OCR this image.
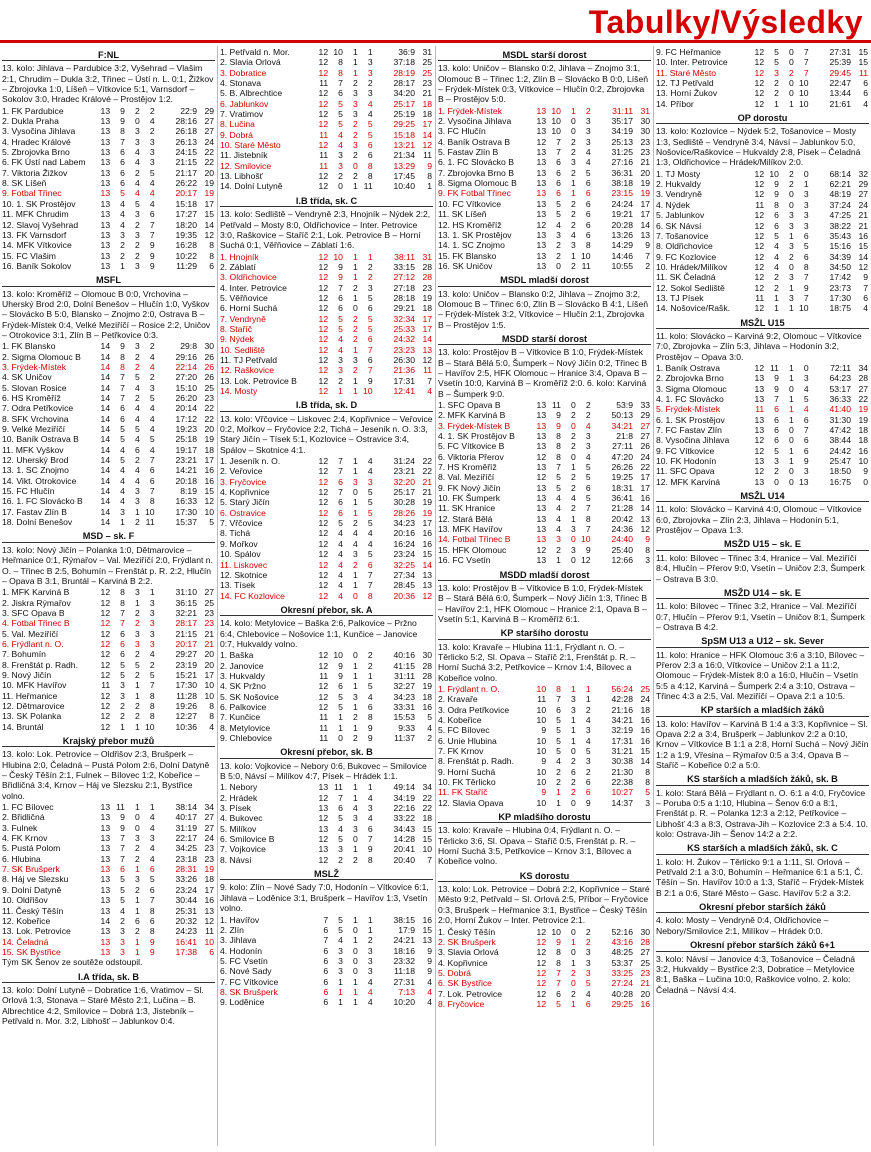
Tabulky/Výsledky
F:NL
13. kolo: Jihlava – Pardubice 3:2, Vyšehrad – Vlašim 2:1, Chrudim – Dukla 3:2, Třinec – Ústí n. L. 0:1, Žižkov – Zbrojovka 1:0, Líšeň – Vítkovice 5:1, Varnsdorf – Sokolov 3:0, Hradec Králové – Prostějov 1:2.
1. FK Pardubice	13	9	2	2	22:9	29
2. Dukla Praha	13	9	0	4	28:16	27
3. Vysočina Jihlava	13	8	3	2	26:18	27
4. Hradec Králové	13	7	3	3	26:13	24
5. Zbrojovka Brno	13	6	4	3	24:15	22
6. FK Ústí nad Labem	13	6	4	3	21:15	22
7. Viktoria Žižkov	13	6	2	5	21:17	20
8. SK Líšeň	13	6	4	4	26:22	19
9. Fotbal Třinec	13	5	4	4	20:17	19
10. 1. SK Prostějov	13	4	5	4	15:18	17
11. MFK Chrudim	13	4	3	6	17:27	15
12. Slavoj Vyšehrad	13	4	2	7	18:20	14
13. FK Varnsdorf	13	3	3	7	19:35	12
14. MFK Vítkovice	13	2	2	9	16:28	8
15. FC Vlašim	13	2	2	9	10:22	8
16. Baník Sokolov	13	1	3	9	11:29	6
MSFL
13. kolo: Kroměříž – Olomouc B 0:0, Vrchovina – Uherský Brod 2:0, Dolní Benešov – Hlučín 1:0, Vyškov – Slovácko B 5:0, Blansko – Znojmo 2:0, Ostrava B – Frýdek-Místek 0:4, Velké Meziříčí – Rosice 2:2, Uničov – Otrokovice 3:1, Zlín B – Petřkovice 0:3.
1. FK Blansko	14	9	3	2	29:8	30
2. Sigma Olomouc B	14	8	2	4	29:16	26
3. Frýdek-Místek	14	8	2	4	22:14	26
4. SK Uničov	14	7	5	2	27:20	26
5. Slovan Rosice	14	7	4	3	15:10	25
6. HS Kroměříž	14	7	2	5	26:20	23
7. Odra Petřkovice	14	6	4	4	20:14	22
8. SFK Vrchovina	14	6	4	4	17:12	22
9. Velké Meziříčí	14	5	5	4	19:23	20
10. Baník Ostrava B	14	5	4	5	25:18	19
11. MFK Vyškov	14	4	6	4	19:17	18
12. Uherský Brod	14	5	2	7	23:21	17
13. 1. SC Znojmo	14	4	4	6	14:21	16
14. Vikt. Otrokovice	14	4	4	6	20:18	16
15. FC Hlučín	14	4	3	7	8:19	15
16. 1. FC Slovácko B	14	4	3	8	16:33	12
17. Fastav Zlín B	14	3	1	10	17:30	10
18. Dolní Benešov	14	1	2	11	15:37	5
MSD – sk. F
13. kolo: Nový Jičín – Polanka 1:0, Dětmarovice – Heřmanice 0:1, Rýmařov – Val. Meziříčí 2:0, Frýdlant n. O. – Třinec B 2:5, Bohumín – Frenštát p. R. 2:2, Hlučín – Opava B 3:1, Bruntál – Karviná B 2:2.
1. MFK Karviná B	12	8	3	1	31:10	27
2. Jiskra Rýmařov	12	8	1	3	36:15	25
3. SFC Opava B	12	7	2	3	32:21	23
4. Fotbal Třinec B	12	7	2	3	28:17	23
5. Val. Meziříčí	12	6	3	3	21:15	21
6. Frýdlant n. O.	12	6	3	3	20:17	21
7. Bohumín	12	6	2	4	29:27	20
8. Frenštát p. Radh.	12	5	5	2	23:19	20
9. Nový Jičín	12	5	2	5	15:21	17
10. MFK Havířov	11	3	1	7	17:30	10
11. Heřmanice	12	3	1	8	11:28	10
12. Dětmarovice	12	2	2	8	19:26	8
13. SK Polanka	12	2	2	8	12:27	8
14. Bruntál	12	1	1	10	10:36	4
Krajský přebor mužů
13. kolo: Lok. Petrovice – Oldřišov 2:3, Brušperk – Hlubina 2:0, Čeladná – Pustá Polom 2:6, Dolní Datyně – Český Těšín 2:1, Fulnek – Bílovec 1:2, Kobeřice – Břidličná 3:4, Krnov – Háj ve Slezsku 2:1, Bystřice volno.
1. FC Bílovec	13	11	1	1	38:14	34
2. Břidličná	13	9	0	4	40:17	27
3. Fulnek	13	9	0	4	31:19	27
4. FK Krnov	13	7	3	3	22:17	24
5. Pustá Polom	13	7	2	4	34:25	23
6. Hlubina	13	7	2	4	23:18	23
7. SK Brušperk	13	6	1	6	28:31	19
8. Háj ve Slezsku	13	5	3	5	33:26	18
9. Dolní Datyně	13	5	2	6	23:24	17
10. Oldřišov	13	5	1	7	30:44	16
11. Český Těšín	13	4	1	8	25:31	13
12. Kobeřice	14	2	6	6	20:32	12
13. Lok. Petrovice	13	3	2	8	24:23	11
14. Čeladná	13	3	1	9	16:41	10
15. SK Bystřice	13	3	1	9	17:38	6
Tým SK Šenov ze soutěže odstoupil.
I.A třída, sk. B
13. kolo: Dolní Lutyně – Dobratice 1:6, Vratimov – Sl. Orlová 1:3, Stonava – Staré Město 2:1, Lučina – B. Albrechtice 4:2, Smilovice – Dobrá 1:3, Jistebník – Petřvald n. Mor. 3:2, Libhošť – Jablunkov 0:4.
1. Petřvald n. Mor.	12	10	1	1	36:9	31
2. Slavia Orlová	12	8	1	3	37:18	25
3. Dobratice	12	8	1	3	28:19	25
4. Stonava	11	7	2	2	28:17	23
5. B. Albrechtice	12	6	3	3	34:20	21
6. Jablunkov	12	5	3	4	25:17	18
7. Vratimov	12	5	3	4	25:19	18
8. Lučina	12	5	2	5	29:25	17
9. Dobrá	11	4	2	5	15:18	14
10. Staré Město	12	4	3	6	13:21	12
11. Jistebník	11	3	2	6	21:34	11
12. Smilovice	11	3	0	8	13:29	9
13. Libhošť	12	2	2	8	17:45	8
14. Dolní Lutyně	12	0	1	11	10:40	1
I.B třída, sk. C
13. kolo: Sedliště – Vendryně 2:3, Hnojník – Nýdek 2:2, Petřvald – Mosty 8:0, Oldřichovice – Inter. Petrovice 3:0, Raškovice – Staříč 2:1, Lok. Petrovice B – Horní Suchá 0:1, Věřňovice – Záblatí 1:6.
1. Hnojník	12	10	1	1	38:11	31
2. Záblatí	12	9	1	2	33:15	28
3. Oldřichovice	12	9	1	2	27:12	28
4. Inter. Petrovice	12	7	2	3	27:18	23
5. Věřňovice	12	6	1	5	28:18	19
6. Horní Suchá	12	6	0	6	29:21	18
7. Vendryně	12	5	2	5	32:34	17
8. Staříč	12	5	2	5	25:33	17
9. Nýdek	12	4	2	6	24:32	14
10. Sedliště	12	4	1	7	23:23	13
11. TJ Petřvald	12	3	3	6	26:30	12
12. Raškovice	12	3	2	7	21:36	11
13. Lok. Petrovice B	12	2	1	9	17:31	7
14. Mosty	12	1	1	10	12:41	4
I.B třída, sk. D
13. kolo: Vřčovice – Liskovec 2:4, Kopřivnice – Veřovice 0:2, Mořkov – Fryčovice 2:2, Tichá – Jeseník n. O. 3:3, Starý Jičín – Tísek 5:1, Kozlovice – Ostravice 3:4, Spálov – Skotnice 4:1.
1. Jeseník n. O.	12	7	1	4	31:24	22
2. Veřovice	12	7	1	4	23:21	22
3. Fryčovice	12	6	3	3	32:20	21
4. Kopřivnice	12	7	0	5	25:17	21
5. Starý Jičín	12	6	1	5	30:28	19
6. Ostravice	12	6	1	5	28:26	19
7. Vřčovice	12	5	2	5	34:23	17
8. Tichá	12	4	4	4	20:16	16
9. Mořkov	12	4	4	4	16:24	16
10. Spálov	12	4	3	5	23:24	15
11. Liskovec	12	4	2	6	32:25	14
12. Skotnice	12	4	1	7	27:34	13
13. Tísek	12	4	1	7	28:45	13
14. FC Kozlovice	12	4	0	8	20:36	12
Okresní přebor, sk. A
14. kolo: Metylovice – Baška 2:6, Palkovice – Pržno 6:4, Chlebovice – Nošovice 1:1, Kunčice – Janovice 0:7, Hukvaldy volno.
1. Baška	12	10	0	2	40:16	30
2. Janovice	12	9	1	2	41:15	28
3. Hukvaldy	11	9	1	1	31:11	28
4. SK Pržno	12	6	1	5	32:27	19
5. SK Nošovice	12	5	3	4	34:23	18
6. Palkovice	12	5	1	6	33:31	16
7. Kunčice	11	1	2	8	15:53	5
8. Metylovice	11	1	1	9	9:33	4
9. Chlebovice	11	0	2	9	11:37	2
Okresní přebor, sk. B
13. kolo: Vojkovice – Nebory 0:6, Bukovec – Smilovice B 5:0, Návsí – Milíkov 4:7, Písek – Hrádek 1:1.
1. Nebory	13	11	1	1	49:14	34
2. Hrádek	12	7	1	4	34:19	22
3. Písek	13	6	4	3	22:16	22
4. Bukovec	12	5	3	4	33:22	18
5. Milíkov	13	4	3	6	34:43	15
6. Smilovice B	12	5	0	7	14:28	15
7. Vojkovice	13	3	1	9	20:41	10
8. Návsí	12	2	2	8	20:40	7
MSLŽ
9. kolo: Zlín – Nové Sady 7:0, Hodonín – Vítkovice 6:1, Jihlava – Loděnice 3:1, Brušperk – Havířov 1:3, Vsetín volno.
1. Havířov	7	5	1	1	38:15	16
2. Zlín	6	5	0	1	17:9	15
3. Jihlava	7	4	1	2	24:21	13
4. Hodonín	6	3	0	3	18:16	9
5. FC Vsetín	6	3	0	3	23:32	9
6. Nové Sady	6	3	0	3	11:18	9
7. FC Vítkovice	6	1	1	4	27:31	4
8. SK Brušperk	6	1	1	4	7:13	4
9. Loděnice	6	1	1	4	10:20	4
MSDL starší dorost
13. kolo: Uničov – Blansko 0:2, Jihlava – Znojmo 3:1, Olomouc B – Třinec 1:2, Zlín B – Slovácko B 0:0, Líšeň – Frýdek-Místek 0:3, Vítkovice – Hlučín 0:2, Zbrojovka B – Prostějov 5:0.
1. Frýdek-Místek	13	10	1	2	31:11	31
2. Vysočina Jihlava	13	10	0	3	35:17	30
3. FC Hlučín	13	10	0	3	34:19	30
4. Baník Ostrava B	12	7	2	3	25:13	23
5. Fastav Zlín B	13	7	2	4	31:25	23
6. 1. FC Slovácko B	13	6	3	4	27:16	21
7. Zbrojovka Brno B	13	6	2	5	36:31	20
8. Sigma Olomouc B	13	6	1	6	38:18	19
9. FK Fotbal Třinec	13	6	1	6	23:15	19
10. FC Vítkovice	13	5	2	6	24:24	17
11. SK Líšeň	13	5	2	6	19:21	17
12. HS Kroměříž	12	4	2	6	20:28	14
13. 1. SK Prostějov	13	3	4	6	13:26	13
14. 1. SC Znojmo	13	2	3	8	14:29	9
15. FK Blansko	13	2	1	10	14:46	7
16. SK Uničov	13	0	2	11	10:55	2
MSDL mladší dorost
13. kolo: Uničov – Blansko 0:2, Jihlava – Znojmo 3:2, Olomouc B – Třinec 6:0, Zlín B – Slovácko B 4:1, Líšeň – Frýdek-Místek 3:2, Vítkovice – Hlučín 2:1, Zbrojovka B – Prostějov 1:5.
MSDD starší dorost
13. kolo: Prostějov B – Vítkovice B 1:0, Frýdek-Místek B – Stará Bělá 5:0, Šumperk – Nový Jičín 0:2, Třinec B – Havířov 2:5, HFK Olomouc – Hranice 3:4, Opava B – Vsetín 10:0, Karviná B – Kroměříž 2:0. 6. kolo: Karviná B – Šumperk 9:0.
1. SFC Opava B	13	11	0	2	53:9	33
2. MFK Karviná B	13	9	2	2	50:13	29
3. Frýdek-Místek B	13	9	0	4	34:21	27
4. 1. SK Prostějov B	13	8	2	3	21:8	27
5. FC Vítkovice B	13	8	2	3	27:11	26
6. Viktoria Přerov	12	8	0	4	47:20	24
7. HS Kroměříž	13	7	1	5	26:26	22
8. Val. Meziříčí	12	5	2	5	19:25	17
9. FK Nový Jičín	13	5	2	6	18:31	17
10. FK Šumperk	13	4	4	5	36:41	16
11. SK Hranice	13	4	2	7	21:28	14
12. Stará Bělá	13	4	1	8	20:42	13
13. MFK Havířov	13	4	3	7	24:36	12
14. Fotbal Třinec B	13	3	0	10	24:40	9
15. HFK Olomouc	12	2	3	9	25:40	8
16. FC Vsetín	13	1	0	12	12:66	3
MSDD mladší dorost
13. kolo: Prostějov B – Vítkovice B 1:0, Frýdek-Místek B – Stará Bělá 6:0, Šumperk – Nový Jičín 1:3, Třinec B – Havířov 2:1, HFK Olomouc – Hranice 2:1, Opava B – Vsetín 5:1, Karviná B – Kroměříž 6:1.
KP staršího dorostu
13. kolo: Kravaře – Hlubina 11:1, Frýdlant n. O. – Těrlicko 5:2, Sl. Opava – Staříč 2:1, Frenštát p. R. – Horní Suchá 3:2, Petřkovice – Krnov 1:4, Bílovec a Kobeřice volno.
1. Frýdlant n. O.	10	8	1	1	56:24	25
2. Kravaře	11	7	3	1	42:28	24
3. Odra Petřkovice	10	6	3	2	21:16	18
4. Kobeřice	10	5	1	4	34:21	16
5. FC Bílovec	9	5	1	3	32:19	16
6. Unie Hlubina	10	5	1	4	17:31	16
7. FK Krnov	10	5	0	5	31:21	15
8. Frenštát p. Radh.	9	4	2	3	30:38	14
9. Horní Suchá	10	2	6	2	21:30	8
10. FK Těrlicko	10	2	2	6	22:38	8
11. FK Staříč	9	1	2	6	10:27	5
12. Slavia Opava	10	1	0	9	14:37	3
KP mladšího dorostu
13. kolo: Kravaře – Hlubina 0:4, Frýdlant n. O. – Těrlicko 3:6, Sl. Opava – Staříč 0:5, Frenštát p. R. – Horní Suchá 3:5, Petřkovice – Krnov 3:1, Bílovec a Kobeřice volno.
KS dorostu
13. kolo: Lok. Petrovice – Dobrá 2:2, Kopřivnice – Staré Město 9:2, Petřvald – Sl. Orlová 2:5, Příbor – Fryčovice 0:3, Brušperk – Heřmanice 3:1, Bystřice – Český Těšín 2:0, Horní Žukov – Inter. Petrovice 2:1.
1. Český Těšín	12	10	0	2	52:16	30
2. SK Brušperk	12	9	1	2	43:16	28
3. Slavia Orlová	12	8	0	3	48:25	27
4. Kopřivnice	12	8	1	3	53:37	25
5. Dobrá	12	7	2	3	33:25	23
6. SK Bystřice	12	7	0	5	27:24	21
7. Lok. Petrovice	12	6	2	4	40:28	20
8. Fryčovice	12	5	1	6	29:25	16
9. FC Heřmanice	12	5	0	7	27:31	15
10. Inter. Petrovice	12	5	0	7	25:39	15
11. Staré Město	12	3	2	7	29:45	11
12. TJ Petřvald	12	2	0	10	22:47	6
13. Horní Žukov	12	2	0	10	13:44	6
14. Příbor	12	1	1	10	21:61	4
OP dorostu
13. kolo: Kozlovice – Nýdek 5:2, Tošanovice – Mosty 1:3, Sedliště – Vendryně 3:4, Návsí – Jablunkov 5:0, Nošovice/Raškovice – Hukvaldy 2:8, Písek – Čeladná 1:3, Oldřichovice – Hrádek/Milíkov 2:0.
1. TJ Mosty	12	10	2	0	68:14	32
2. Hukvaldy	12	9	2	1	62:21	29
3. Vendryně	12	9	0	3	48:19	27
4. Nýdek	11	8	0	3	37:24	24
5. Jablunkov	12	6	3	3	47:25	21
6. SK Návsí	12	6	3	3	38:22	21
7. Tošanovice	12	5	1	6	35:43	16
8. Oldřichovice	12	4	3	5	15:16	15
9. FC Kozlovice	12	4	2	6	34:39	14
10. Hrádek/Milíkov	12	4	0	8	34:50	12
11. SK Čeladná	12	2	3	7	17:42	9
12. Sokol Sedliště	12	2	1	9	23:73	7
13. TJ Písek	11	1	3	7	17:30	6
14. Nošovice/Rašk.	12	1	1	10	18:75	4
MSŽL U15
11. kolo: Slovácko – Karviná 9:2, Olomouc – Vítkovice 7:0, Zbrojovka – Zlín 5:3, Jihlava – Hodonín 3:2, Prostějov – Opava 3:0.
1. Baník Ostrava	12	11	1	0	72:11	34
2. Zbrojovka Brno	13	9	1	3	64:23	28
3. Sigma Olomouc	13	9	0	4	53:17	27
4. 1. FC Slovácko	13	7	1	5	36:33	22
5. Frýdek-Místek	11	6	1	4	41:40	19
6. 1. SK Prostějov	13	6	1	6	31:30	19
7. FC Fastav Zlín	13	6	0	7	47:42	18
8. Vysočina Jihlava	12	6	0	6	38:44	18
9. FC Vítkovice	12	5	1	6	24:42	16
10. FK Hodonín	13	3	1	9	25:47	10
11. SFC Opava	12	2	0	3	18:50	9
12. MFK Karviná	13	0	0	13	16:75	0
MSŽL U14
11. kolo: Slovácko – Karviná 4:0, Olomouc – Vítkovice 6:0, Zbrojovka – Zlín 2:3, Jihlava – Hodonín 5:1, Prostějov – Opava 1:3.
MSŽD U15 – sk. E
11. kolo: Bílovec – Třinec 3:4, Hranice – Val. Meziříčí 8:4, Hlučín – Přerov 9:0, Vsetín – Uničov 2:3, Šumperk – Ostrava B 3:0.
MSŽD U14 – sk. E
11. kolo: Bílovec – Třinec 3:2, Hranice – Val. Meziříčí 0:7, Hlučín – Přerov 9:1, Vsetín – Uničov 8:1, Šumperk – Ostrava B 4:2.
SpSM U13 a U12 – sk. Sever
11. kolo: Hranice – HFK Olomouc 3:6 a 3:10, Bílovec – Přerov 2:3 a 16:0, Vítkovice – Uničov 2:1 a 11:2, Olomouc – Frýdek-Místek 8:0 a 16:0, Hlučín – Vsetín 5:5 a 4:12, Karviná – Šumperk 2:4 a 3:10, Ostrava – Třinec 4:3 a 2:5, Val. Meziříčí – Opava 2:1 a 10:5.
KP starších a mladších žáků
13. kolo: Havířov – Karviná B 1:4 a 3:3, Kopřivnice – Sl. Opava 2:2 a 3:4, Brušperk – Jablunkov 2:2 a 0:10, Krnov – Vítkovice B 1:1 a 2:8, Horní Suchá – Nový Jičín 1:2 a 1:9, Vřesina – Rýmařov 0:5 a 3:4, Opava B – Staříč – Kobeřice 0:2 a 5:0.
KS starších a mladších žáků, sk. B
1. kolo: Stará Bělá – Frýdlant n. O. 6:1 a 4:0, Fryčovice – Poruba 0:5 a 1:10, Hlubina – Šenov 6:0 a 8:1, Frenštát p. R. – Polanka 12:3 a 2:12, Petřkovice – Libhošť 4:3 a 8:3, Ostrava-Jih – Kozlovice 2:3 a 5:4. 10. kolo: Ostrava-Jih – Šenov 14:2 a 2:2.
KS starších a mladších žáků, sk. C
1. kolo: H. Žukov – Těrlicko 9:1 a 1:11, Sl. Orlová – Petřvald 2:1 a 3:0, Bohumín – Heřmanice 6:1 a 5:1, Č. Těšín – Sn. Havířov 10:0 a 1:3, Staříč – Frýdek-Místek B 2:1 a 0:6, Staré Město – Gasc. Havířov 5:2 a 3:2.
Okresní přebor starších žáků
4. kolo: Mosty – Vendryně 0:4, Oldřichovice – Nebory/Smilovice 2:1, Milíkov – Hrádek 0:0.
Okresní přebor starších žáků 6+1
3. kolo: Návsí – Janovice 4:3, Tošanovice – Čeladná 3:2, Hukvaldy – Bystřice 2:3, Dobratice – Metylovice 8:1, Baška – Lučina 10:0, Raškovice volno. 2. kolo: Čeladná – Návsí 4:4.
